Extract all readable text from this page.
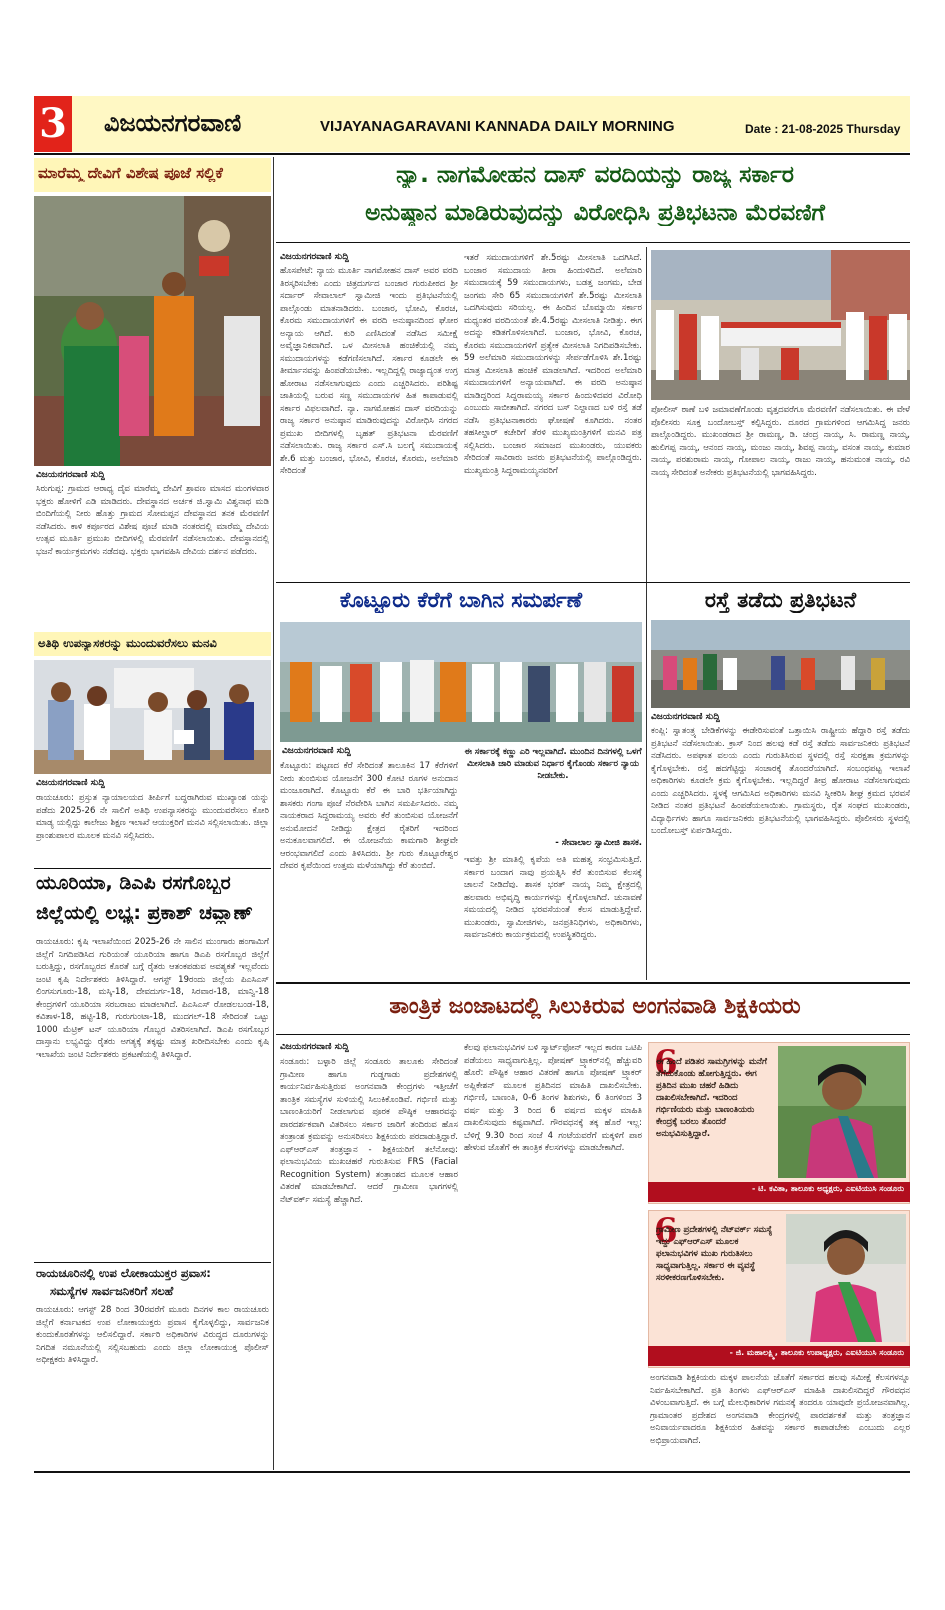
3 ವಿಜಯನಗರವಾಣಿ	VIJAYANAGARAVANI KANNADA DAILY MORNING	Date : 21-08-2025 Thursday
ಮಾರೆಮ್ಮ ದೇವಿಗೆ ವಿಶೇಷ ಪೂಜೆ ಸಲ್ಲಿಕೆ
ವಿಜಯನಗರವಾಣಿ ಸುದ್ದಿ
ಸಿರುಗುಪ್ಪ: ಗ್ರಾಮದ ಆರಾಧ್ಯ ದೈವ ಮಾರೆಮ್ಮ ದೇವಿಗೆ ಶ್ರಾವಣ ಮಾಸದ ಮಂಗಳವಾರ ಭಕ್ತರು ಹೋಳಿಗೆ ಎಡಿ ಮಾಡಿದರು. ದೇವಸ್ಥಾನದ ಅರ್ಚಕ ಜಿ.ಸ್ವಾಮಿ ವಿಶ್ವನಾಥ ಮಡಿ ಬಿಂದಿಗೆಯಲ್ಲಿ ನೀರು ಹೊತ್ತು ಗ್ರಾಮದ ಸೋಮಪ್ಪನ ದೇವಸ್ಥಾನದ ತನಕ ಮೆರವಣಿಗೆ ನಡೆಸಿದರು. ಕಾಳಿ ಕರ್ಪೂರದ ವಿಶೇಷ ಪೂಜೆ ಮಾಡಿ ನಂತರದಲ್ಲಿ ಮಾರೆಮ್ಮ ದೇವಿಯ ಉತ್ಸವ ಮೂರ್ತಿ ಪ್ರಮುಖ ಬೀದಿಗಳಲ್ಲಿ ಮೆರವಣಿಗೆ ನಡೆಸಲಾಯಿತು. ದೇವಸ್ಥಾನದಲ್ಲಿ ಭಜನೆ ಕಾರ್ಯಕ್ರಮಗಳು ನಡೆದವು. ಭಕ್ತರು ಭಾಗವಹಿಸಿ ದೇವಿಯ ದರ್ಶನ ಪಡೆದರು.
ಅತಿಥಿ ಉಪನ್ಯಾಸಕರನ್ನು ಮುಂದುವರೆಸಲು ಮನವಿ
ವಿಜಯನಗರವಾಣಿ ಸುದ್ದಿ
ರಾಯಚೂರು: ಪ್ರಸ್ತುತ ನ್ಯಾಯಾಲಯದ ತೀರ್ಪಿಗೆ ಬದ್ಧರಾಗಿರುವ ಮುಖ್ಯಾಂಶ ಯನ್ನು ಪಡೆದು 2025-26 ನೇ ಸಾಲಿಗೆ ಅತಿಥಿ ಉಪನ್ಯಾಸಕರನ್ನು ಮುಂದುವರೆಸಲು ಕೋರಿ ಮಾಡ್ಯ ಯಲ್ಲಿದ್ದು ಕಾಲೇಜು ಶಿಕ್ಷಣ ಇಲಾಖೆ ಆಯುಕ್ತರಿಗೆ ಮನವಿ ಸಲ್ಲಿಸಲಾಯಿತು. ಜಿಲ್ಲಾ ಪ್ರಾಂಶುಪಾಲರ ಮೂಲಕ ಮನವಿ ಸಲ್ಲಿಸಿದರು.
ಯೂರಿಯಾ, ಡಿಎಪಿ ರಸಗೊಬ್ಬರ
ಜಿಲ್ಲೆಯಲ್ಲಿ ಲಭ್ಯ: ಪ್ರಕಾಶ್ ಚವ್ಹಾಣ್
ರಾಯಚೂರು: ಕೃಷಿ ಇಲಾಖೆಯಿಂದ 2025-26 ನೇ ಸಾಲಿನ ಮುಂಗಾರು ಹಂಗಾಮಿಗೆ ಜಿಲ್ಲೆಗೆ ನಿಗದಿಪಡಿಸಿದ ಗುರಿಯಂತೆ ಯೂರಿಯಾ ಹಾಗೂ ಡಿಎಪಿ ರಸಗೊಬ್ಬರ ಜಿಲ್ಲೆಗೆ ಬರುತ್ತಿದ್ದು, ರಸಗೊಬ್ಬರದ ಕೊರತೆ ಬಗ್ಗೆ ರೈತರು ಆತಂಕಪಡುವ ಅವಶ್ಯಕತೆ ಇಲ್ಲವೆಂದು ಜಂಟಿ ಕೃಷಿ ನಿರ್ದೇಶಕರು ತಿಳಿಸಿದ್ದಾರೆ. ಆಗಸ್ಟ್ 19ರಂದು ಜಿಲ್ಲೆಯ ಪಿಎಸಿಎಸ್ ಲಿಂಗಸುಗೂರು-18, ಮಸ್ಕಿ-18, ದೇವದುರ್ಗ-18, ಸಿರವಾರ-18, ಮಾನ್ವಿ-18 ಕೇಂದ್ರಗಳಿಗೆ ಯೂರಿಯಾ ಸರಬರಾಜು ಮಾಡಲಾಗಿದೆ. ಪಿಎಸಿಎಸ್ ರೋಡಲಬಂಡ-18, ಕವಿತಾಳ-18, ಹಟ್ಟಿ-18, ಗುರುಗುಂಟಾ-18, ಮುದಗಲ್-18 ಸೇರಿದಂತೆ ಒಟ್ಟು 1000 ಮೆಟ್ರಿಕ್ ಟನ್ ಯೂರಿಯಾ ಗೊಬ್ಬರ ವಿತರಿಸಲಾಗಿದೆ. ಡಿಎಪಿ ರಸಗೊಬ್ಬರ ದಾಸ್ತಾನು ಲಭ್ಯವಿದ್ದು ರೈತರು ಅಗತ್ಯಕ್ಕೆ ತಕ್ಕಷ್ಟು ಮಾತ್ರ ಖರೀದಿಸಬೇಕು ಎಂದು ಕೃಷಿ ಇಲಾಖೆಯ ಜಂಟಿ ನಿರ್ದೇಶಕರು ಪ್ರಕಟಣೆಯಲ್ಲಿ ತಿಳಿಸಿದ್ದಾರೆ.
ರಾಯಚೂರಿನಲ್ಲಿ ಉಪ ಲೋಕಾಯುಕ್ತರ ಪ್ರವಾಸ:
ಸಮಸ್ಯೆಗಳ ಸಾರ್ವಜನಿಕರಿಗೆ ಸಲಹೆ
ರಾಯಚೂರು: ಆಗಸ್ಟ್ 28 ರಿಂದ 30ರವರೆಗೆ ಮೂರು ದಿನಗಳ ಕಾಲ ರಾಯಚೂರು ಜಿಲ್ಲೆಗೆ ಕರ್ನಾಟಕದ ಉಪ ಲೋಕಾಯುಕ್ತರು ಪ್ರವಾಸ ಕೈಗೊಳ್ಳಲಿದ್ದು, ಸಾರ್ವಜನಿಕ ಕುಂದುಕೊರತೆಗಳನ್ನು ಆಲಿಸಲಿದ್ದಾರೆ. ಸರ್ಕಾರಿ ಅಧಿಕಾರಿಗಳ ವಿರುದ್ಧದ ದೂರುಗಳನ್ನು ನಿಗದಿತ ನಮೂನೆಯಲ್ಲಿ ಸಲ್ಲಿಸಬಹುದು ಎಂದು ಜಿಲ್ಲಾ ಲೋಕಾಯುಕ್ತ ಪೊಲೀಸ್ ಅಧೀಕ್ಷಕರು ತಿಳಿಸಿದ್ದಾರೆ.
ನ್ಯಾ. ನಾಗಮೋಹನ ದಾಸ್ ವರದಿಯನ್ನು ರಾಜ್ಯ ಸರ್ಕಾರ
ಅನುಷ್ಠಾನ ಮಾಡಿರುವುದನ್ನು ವಿರೋಧಿಸಿ ಪ್ರತಿಭಟನಾ ಮೆರವಣಿಗೆ
ವಿಜಯನಗರವಾಣಿ ಸುದ್ದಿ
ಹೊಸಪೇಟೆ: ನ್ಯಾಯ ಮೂರ್ತಿ ನಾಗಮೋಹನ ದಾಸ್ ಅವರ ವರದಿ ತಿರಸ್ಕರಿಸಬೇಕು ಎಂದು ಚಿತ್ರದುರ್ಗದ ಬಂಜಾರ ಗುರುಪೀಠದ ಶ್ರೀ ಸರ್ದಾರ್ ಸೇವಾಲಾಲ್ ಸ್ವಾಮೀಜಿ ಇಂದು ಪ್ರತಿಭಟನೆಯಲ್ಲಿ ಪಾಲ್ಗೊಂಡು ಮಾತನಾಡಿದರು. ಬಂಜಾರ, ಭೋವಿ, ಕೊರಚ, ಕೊರಮ ಸಮುದಾಯಗಳಿಗೆ ಈ ವರದಿ ಅನುಷ್ಠಾನದಿಂದ ಘೋರ ಅನ್ಯಾಯ ಆಗಿದೆ. ಕುರಿ ಎಣಿಸಿದಂತೆ ನಡೆಸಿದ ಸಮೀಕ್ಷೆ ಅವೈಜ್ಞಾನಿಕವಾಗಿದೆ. ಒಳ ಮೀಸಲಾತಿ ಹಂಚಿಕೆಯಲ್ಲಿ ನಮ್ಮ ಸಮುದಾಯಗಳನ್ನು ಕಡೆಗಣಿಸಲಾಗಿದೆ. ಸರ್ಕಾರ ಕೂಡಲೇ ಈ ತೀರ್ಮಾನವನ್ನು ಹಿಂಪಡೆಯಬೇಕು. ಇಲ್ಲದಿದ್ದಲ್ಲಿ ರಾಜ್ಯಾದ್ಯಂತ ಉಗ್ರ ಹೋರಾಟ ನಡೆಸಲಾಗುವುದು ಎಂದು ಎಚ್ಚರಿಸಿದರು. ಪರಿಶಿಷ್ಟ ಜಾತಿಯಲ್ಲಿ ಬರುವ ಸಣ್ಣ ಸಮುದಾಯಗಳ ಹಿತ ಕಾಪಾಡುವಲ್ಲಿ ಸರ್ಕಾರ ವಿಫಲವಾಗಿದೆ. ನ್ಯಾ. ನಾಗಮೋಹನ ದಾಸ್ ವರದಿಯನ್ನು ರಾಜ್ಯ ಸರ್ಕಾರ ಅನುಷ್ಠಾನ ಮಾಡಿರುವುದನ್ನು ವಿರೋಧಿಸಿ ನಗರದ ಪ್ರಮುಖ ಬೀದಿಗಳಲ್ಲಿ ಬೃಹತ್ ಪ್ರತಿಭಟನಾ ಮೆರವಣಿಗೆ ನಡೆಸಲಾಯಿತು. ರಾಜ್ಯ ಸರ್ಕಾರ ಎಸ್.ಸಿ ಬಲಗೈ ಸಮುದಾಯಕ್ಕೆ ಶೇ.6 ಮತ್ತು ಬಂಜಾರ, ಭೋವಿ, ಕೊರಚ, ಕೊರಮ, ಅಲೆಮಾರಿ ಸೇರಿದಂತೆ
ಇತರೆ ಸಮುದಾಯಗಳಿಗೆ ಶೇ.5ರಷ್ಟು ಮೀಸಲಾತಿ ಒದಗಿಸಿದೆ. ಬಂಜಾರ ಸಮುದಾಯ ತೀರಾ ಹಿಂದುಳಿದಿದೆ. ಅಲೆಮಾರಿ ಸಮುದಾಯಕ್ಕೆ 59 ಸಮುದಾಯಗಳು, ಬಡತ್ತ ಜಂಗಮ, ಬೇಡ ಜಂಗಮ ಸೇರಿ 65 ಸಮುದಾಯಗಳಿಗೆ ಶೇ.5ರಷ್ಟು ಮೀಸಲಾತಿ ಒದಗಿಸುವುದು ಸರಿಯಲ್ಲ. ಈ ಹಿಂದಿನ ಬೊಮ್ಮಾಯಿ ಸರ್ಕಾರ ಮಧ್ಯಂತರ ವರದಿಯಂತೆ ಶೇ.4.5ರಷ್ಟು ಮೀಸಲಾತಿ ನೀಡಿತ್ತು. ಈಗ ಅದನ್ನು ಕಡಿತಗೊಳಿಸಲಾಗಿದೆ. ಬಂಜಾರ, ಭೋವಿ, ಕೊರಚ, ಕೊರಮ ಸಮುದಾಯಗಳಿಗೆ ಪ್ರತ್ಯೇಕ ಮೀಸಲಾತಿ ನಿಗದಿಪಡಿಸಬೇಕು. 59 ಅಲೆಮಾರಿ ಸಮುದಾಯಗಳನ್ನು ಸೇರ್ಪಡೆಗೊಳಿಸಿ ಶೇ.1ರಷ್ಟು ಮಾತ್ರ ಮೀಸಲಾತಿ ಹಂಚಿಕೆ ಮಾಡಲಾಗಿದೆ. ಇದರಿಂದ ಅಲೆಮಾರಿ ಸಮುದಾಯಗಳಿಗೆ ಅನ್ಯಾಯವಾಗಿದೆ. ಈ ವರದಿ ಅನುಷ್ಠಾನ ಮಾಡಿದ್ದರಿಂದ ಸಿದ್ದರಾಮಯ್ಯ ಸರ್ಕಾರ ಹಿಂದುಳಿದವರ ವಿರೋಧಿ ಎಂಬುದು ಸಾಬೀತಾಗಿದೆ. ನಗರದ ಬಸ್ ನಿಲ್ದಾಣದ ಬಳಿ ರಸ್ತೆ ತಡೆ ನಡೆಸಿ ಪ್ರತಿಭಟನಾಕಾರರು ಘೋಷಣೆ ಕೂಗಿದರು. ನಂತರ ತಹಸೀಲ್ದಾರ್ ಕಚೇರಿಗೆ ತೆರಳಿ ಮುಖ್ಯಮಂತ್ರಿಗಳಿಗೆ ಮನವಿ ಪತ್ರ ಸಲ್ಲಿಸಿದರು. ಬಂಜಾರ ಸಮಾಜದ ಮುಖಂಡರು, ಯುವಕರು ಸೇರಿದಂತೆ ಸಾವಿರಾರು ಜನರು ಪ್ರತಿಭಟನೆಯಲ್ಲಿ ಪಾಲ್ಗೊಂಡಿದ್ದರು. ಮುಖ್ಯಮಂತ್ರಿ ಸಿದ್ದರಾಮಯ್ಯನವರಿಗೆ
ಪೋಲೀಸ್ ಠಾಣೆ ಬಳಿ ಜಮಾವಣೆಗೊಂಡು ವೃತ್ತದವರೆಗೂ ಮೆರವಣಿಗೆ ನಡೆಸಲಾಯಿತು. ಈ ವೇಳೆ ಪೊಲೀಸರು ಸೂಕ್ತ ಬಂದೋಬಸ್ತ್ ಕಲ್ಪಿಸಿದ್ದರು. ದೂರದ ಗ್ರಾಮಗಳಿಂದ ಆಗಮಿಸಿದ್ದ ಜನರು ಪಾಲ್ಗೊಂಡಿದ್ದರು. ಮುಖಂಡರಾದ ಶ್ರೀ ರಾಮಣ್ಣ, ಡಿ. ಚಂದ್ರ ನಾಯ್ಕ, ಸಿ. ರಾಮಣ್ಣ ನಾಯ್ಕ, ಹುಲಿಗಪ್ಪ ನಾಯ್ಕ, ಆನಂದ ನಾಯ್ಕ, ಮಂಜು ನಾಯ್ಕ, ಶಿವಪ್ಪ ನಾಯ್ಕ, ವಸಂತ ನಾಯ್ಕ, ಕುಮಾರ ನಾಯ್ಕ, ಪರಶುರಾಮ ನಾಯ್ಕ, ಗೋಪಾಲ ನಾಯ್ಕ, ರಾಜು ನಾಯ್ಕ, ಹನುಮಂತ ನಾಯ್ಕ, ರವಿ ನಾಯ್ಕ ಸೇರಿದಂತೆ ಅನೇಕರು ಪ್ರತಿಭಟನೆಯಲ್ಲಿ ಭಾಗವಹಿಸಿದ್ದರು.
ಕೊಟ್ಟೂರು ಕೆರೆಗೆ ಬಾಗಿನ ಸಮರ್ಪಣೆ
ವಿಜಯನಗರವಾಣಿ ಸುದ್ದಿ
ಕೊಟ್ಟೂರು: ಪಟ್ಟಣದ ಕೆರೆ ಸೇರಿದಂತೆ ತಾಲೂಕಿನ 17 ಕೆರೆಗಳಿಗೆ ನೀರು ತುಂಬಿಸುವ ಯೋಜನೆಗೆ 300 ಕೋಟಿ ರೂಗಳ ಅನುದಾನ ಮಂಜೂರಾಗಿದೆ. ಕೊಟ್ಟೂರು ಕೆರೆ ಈ ಬಾರಿ ಭರ್ತಿಯಾಗಿದ್ದು ಶಾಸಕರು ಗಂಗಾ ಪೂಜೆ ನೆರವೇರಿಸಿ ಬಾಗಿನ ಸಮರ್ಪಿಸಿದರು. ನಮ್ಮ ನಾಯಕರಾದ ಸಿದ್ದರಾಮಯ್ಯ ಅವರು ಕೆರೆ ತುಂಬಿಸುವ ಯೋಜನೆಗೆ ಅನುಮೋದನೆ ನೀಡಿದ್ದು ಕ್ಷೇತ್ರದ ರೈತರಿಗೆ ಇದರಿಂದ ಅನುಕೂಲವಾಗಲಿದೆ. ಈ ಯೋಜನೆಯ ಕಾಮಗಾರಿ ಶೀಘ್ರವೇ ಆರಂಭವಾಗಲಿದೆ ಎಂದು ತಿಳಿಸಿದರು. ಶ್ರೀ ಗುರು ಕೊಟ್ಟೂರೇಶ್ವರ ದೇವರ ಕೃಪೆಯಿಂದ ಉತ್ತಮ ಮಳೆಯಾಗಿದ್ದು ಕೆರೆ ತುಂಬಿದೆ.
ಈ ಸರ್ಕಾರಕ್ಕೆ ಕಣ್ಣು ಎರಿ ಇಲ್ಲವಾಗಿದೆ. ಮುಂದಿನ ದಿನಗಳಲ್ಲಿ ಒಳಗೆ ಮೀಸಲಾತಿ ಜಾರಿ ಮಾಡುವ ನಿರ್ಧಾರ ಕೈಗೊಂಡು ಸರ್ಕಾರ ನ್ಯಾಯ ನೀಡಬೇಕು.
- ಸೇವಾಲಾಲ ಸ್ವಾಮೀಜಿ ಶಾಸಕ.
ಇವತ್ತು ಶ್ರೀ ಮಾತಿಲ್ಲಿ ಕೃಪೆಯ ಅತಿ ಮಹತ್ವ ಸಂಭ್ರಮಿಸುತ್ತಿದೆ. ಸರ್ಕಾರ ಬಂದಾಗ ನಾವು ಪ್ರಯತ್ನಿಸಿ ಕೆರೆ ತುಂಬಿಸುವ ಕೆಲಸಕ್ಕೆ ಚಾಲನೆ ನೀಡಿದೆವು. ಶಾಸಕ ಭರತ್ ನಾಯ್ಕ ನಿಮ್ಮ ಕ್ಷೇತ್ರದಲ್ಲಿ ಹಲವಾರು ಅಭಿವೃದ್ಧಿ ಕಾರ್ಯಗಳನ್ನು ಕೈಗೊಳ್ಳಲಾಗಿದೆ. ಚುನಾವಣೆ ಸಮಯದಲ್ಲಿ ನೀಡಿದ ಭರವಸೆಯಂತೆ ಕೆಲಸ ಮಾಡುತ್ತಿದ್ದೇವೆ. ಮುಖಂಡರು, ಸ್ವಾಮೀಜಿಗಳು, ಜನಪ್ರತಿನಿಧಿಗಳು, ಅಧಿಕಾರಿಗಳು, ಸಾರ್ವಜನಿಕರು ಕಾರ್ಯಕ್ರಮದಲ್ಲಿ ಉಪಸ್ಥಿತರಿದ್ದರು.
ರಸ್ತೆ ತಡೆದು ಪ್ರತಿಭಟನೆ
ವಿಜಯನಗರವಾಣಿ ಸುದ್ದಿ
ಕಂಪ್ಲಿ: ಸ್ವಾತಂತ್ರ್ಯ ಬೇಡಿಕೆಗಳನ್ನು ಈಡೇರಿಸುವಂತೆ ಒತ್ತಾಯಿಸಿ ರಾಷ್ಟ್ರೀಯ ಹೆದ್ದಾರಿ ರಸ್ತೆ ತಡೆದು ಪ್ರತಿಭಟನೆ ನಡೆಸಲಾಯಿತು. ಕ್ರಾಸ್ ನಿಂದ ಹಲವು ಕಡೆ ರಸ್ತೆ ತಡೆದು ಸಾರ್ವಜನಿಕರು ಪ್ರತಿಭಟನೆ ನಡೆಸಿದರು. ಅಪಘಾತ ವಲಯ ಎಂದು ಗುರುತಿಸಿರುವ ಸ್ಥಳದಲ್ಲಿ ರಸ್ತೆ ಸುರಕ್ಷತಾ ಕ್ರಮಗಳನ್ನು ಕೈಗೊಳ್ಳಬೇಕು. ರಸ್ತೆ ಹದಗೆಟ್ಟಿದ್ದು ಸಂಚಾರಕ್ಕೆ ತೊಂದರೆಯಾಗಿದೆ. ಸಂಬಂಧಪಟ್ಟ ಇಲಾಖೆ ಅಧಿಕಾರಿಗಳು ಕೂಡಲೇ ಕ್ರಮ ಕೈಗೊಳ್ಳಬೇಕು. ಇಲ್ಲದಿದ್ದರೆ ತೀವ್ರ ಹೋರಾಟ ನಡೆಸಲಾಗುವುದು ಎಂದು ಎಚ್ಚರಿಸಿದರು. ಸ್ಥಳಕ್ಕೆ ಆಗಮಿಸಿದ ಅಧಿಕಾರಿಗಳು ಮನವಿ ಸ್ವೀಕರಿಸಿ ಶೀಘ್ರ ಕ್ರಮದ ಭರವಸೆ ನೀಡಿದ ನಂತರ ಪ್ರತಿಭಟನೆ ಹಿಂಪಡೆಯಲಾಯಿತು. ಗ್ರಾಮಸ್ಥರು, ರೈತ ಸಂಘದ ಮುಖಂಡರು, ವಿದ್ಯಾರ್ಥಿಗಳು ಹಾಗೂ ಸಾರ್ವಜನಿಕರು ಪ್ರತಿಭಟನೆಯಲ್ಲಿ ಭಾಗವಹಿಸಿದ್ದರು. ಪೊಲೀಸರು ಸ್ಥಳದಲ್ಲಿ ಬಂದೋಬಸ್ತ್ ಏರ್ಪಡಿಸಿದ್ದರು.
ತಾಂತ್ರಿಕ ಜಂಜಾಟದಲ್ಲಿ ಸಿಲುಕಿರುವ ಅಂಗನವಾಡಿ ಶಿಕ್ಷಕಿಯರು
ವಿಜಯನಗರವಾಣಿ ಸುದ್ದಿ
ಸಂಡೂರು: ಬಳ್ಳಾರಿ ಜಿಲ್ಲೆ ಸಂಡೂರು ತಾಲೂಕು ಸೇರಿದಂತೆ ಗ್ರಾಮೀಣ ಹಾಗೂ ಗುಡ್ಡಗಾಡು ಪ್ರದೇಶಗಳಲ್ಲಿ ಕಾರ್ಯನಿರ್ವಹಿಸುತ್ತಿರುವ ಅಂಗನವಾಡಿ ಕೇಂದ್ರಗಳು ಇತ್ತೀಚೆಗೆ ತಾಂತ್ರಿಕ ಸಮಸ್ಯೆಗಳ ಸುಳಿಯಲ್ಲಿ ಸಿಲುಕಿಕೊಂಡಿವೆ. ಗರ್ಭಿಣಿ ಮತ್ತು ಬಾಣಂತಿಯರಿಗೆ ನೀಡಲಾಗುವ ಪೂರಕ ಪೌಷ್ಠಿಕ ಆಹಾರವನ್ನು ಪಾರದರ್ಶಕವಾಗಿ ವಿತರಿಸಲು ಸರ್ಕಾರ ಜಾರಿಗೆ ತಂದಿರುವ ಹೊಸ ತಂತ್ರಾಂಶ ಕ್ರಮವನ್ನು ಅನುಸರಿಸಲು ಶಿಕ್ಷಕಿಯರು ಪರದಾಡುತ್ತಿದ್ದಾರೆ. ಎಫ್‌ಆರ್‌ಎಸ್ ತಂತ್ರಜ್ಞಾನ - ಶಿಕ್ಷಕಿಯರಿಗೆ ತಲೆನೋವು: ಫಲಾನುಭವಿಯ ಮುಖಚಹರೆ ಗುರುತಿಸುವ FRS (Facial Recognition System) ತಂತ್ರಾಂಶದ ಮೂಲಕ ಆಹಾರ ವಿತರಣೆ ಮಾಡಬೇಕಾಗಿದೆ. ಆದರೆ ಗ್ರಾಮೀಣ ಭಾಗಗಳಲ್ಲಿ ನೆಟ್‌ವರ್ಕ್ ಸಮಸ್ಯೆ ಹೆಚ್ಚಾಗಿದೆ.
ಕೆಲವು ಫಲಾನುಭವಿಗಳ ಬಳಿ ಸ್ಮಾರ್ಟ್‌ಫೋನ್ ಇಲ್ಲದ ಕಾರಣ ಒಟಿಪಿ ಪಡೆಯಲು ಸಾಧ್ಯವಾಗುತ್ತಿಲ್ಲ. ಪೋಷಣ್ ಟ್ರ್ಯಾಕರ್‌ನಲ್ಲಿ ಹೆಚ್ಚುವರಿ ಹೊರೆ: ಪೌಷ್ಟಿಕ ಆಹಾರ ವಿತರಣೆ ಹಾಗೂ ಪೋಷಣ್ ಟ್ರ್ಯಾಕರ್ ಅಪ್ಲಿಕೇಶನ್ ಮೂಲಕ ಪ್ರತಿದಿನದ ಮಾಹಿತಿ ದಾಖಲಿಸಬೇಕು. ಗರ್ಭಿಣಿ, ಬಾಣಂತಿ, 0-6 ತಿಂಗಳ ಶಿಶುಗಳು, 6 ತಿಂಗಳಿಂದ 3 ವರ್ಷ ಮತ್ತು 3 ರಿಂದ 6 ವರ್ಷದ ಮಕ್ಕಳ ಮಾಹಿತಿ ದಾಖಲಿಸುವುದು ಕಷ್ಟವಾಗಿದೆ. ಗೌರವಧನಕ್ಕೆ ತಕ್ಕ ಹೊರೆ ಇಲ್ಲ: ಬೆಳಿಗ್ಗೆ 9.30 ರಿಂದ ಸಂಜೆ 4 ಗಂಟೆಯವರೆಗೆ ಮಕ್ಕಳಿಗೆ ಪಾಠ ಹೇಳುವ ಜೊತೆಗೆ ಈ ತಾಂತ್ರಿಕ ಕೆಲಸಗಳನ್ನು ಮಾಡಬೇಕಾಗಿದೆ.
6
ಈ ಹಿಂದೆ ಪಡಿತರ ಸಾಮಗ್ರಿಗಳನ್ನು ಮನೆಗೆ ತೆಗೆದುಕೊಂಡು ಹೋಗುತ್ತಿದ್ದರು. ಈಗ ಪ್ರತಿದಿನ ಮುಖ ಚಹರೆ ಹಿಡಿದು ದಾಖಲಿಸಬೇಕಾಗಿದೆ. ಇದರಿಂದ ಗರ್ಭಿಣಿಯರು ಮತ್ತು ಬಾಣಂತಿಯರು ಕೇಂದ್ರಕ್ಕೆ ಬರಲು ತೊಂದರೆ ಅನುಭವಿಸುತ್ತಿದ್ದಾರೆ.
- ಟಿ. ಕವಿತಾ, ತಾಲೂಕು ಅಧ್ಯಕ್ಷರು, ಎಐಟಿಯುಸಿ ಸಂಡೂರು
6
ಗ್ರಾಮೀಣ ಪ್ರದೇಶಗಳಲ್ಲಿ ನೆಟ್‌ವರ್ಕ್ ಸಮಸ್ಯೆ ಇದ್ದು ಎಫ್‌ಆರ್‌ಎಸ್ ಮೂಲಕ ಫಲಾನುಭವಿಗಳ ಮುಖ ಗುರುತಿಸಲು ಸಾಧ್ಯವಾಗುತ್ತಿಲ್ಲ. ಸರ್ಕಾರ ಈ ವ್ಯವಸ್ಥೆ ಸರಳೀಕರಣಗೊಳಿಸಬೇಕು.
- ಜಿ. ಮಹಾಲಕ್ಷ್ಮಿ, ತಾಲೂಕು ಉಪಾಧ್ಯಕ್ಷರು, ಎಐಟಿಯುಸಿ ಸಂಡೂರು
ಅಂಗನವಾಡಿ ಶಿಕ್ಷಕಿಯರು ಮಕ್ಕಳ ಪಾಲನೆಯ ಜೊತೆಗೆ ಸರ್ಕಾರದ ಹಲವು ಸಮೀಕ್ಷೆ ಕೆಲಸಗಳನ್ನೂ ನಿರ್ವಹಿಸಬೇಕಾಗಿದೆ. ಪ್ರತಿ ತಿಂಗಳು ಎಫ್‌ಆರ್‌ಎಸ್ ಮಾಹಿತಿ ದಾಖಲಿಸದಿದ್ದರೆ ಗೌರವಧನ ವಿಳಂಬವಾಗುತ್ತಿದೆ. ಈ ಬಗ್ಗೆ ಮೇಲಧಿಕಾರಿಗಳ ಗಮನಕ್ಕೆ ತಂದರೂ ಯಾವುದೇ ಪ್ರಯೋಜನವಾಗಿಲ್ಲ. ಗ್ರಾಮಾಂತರ ಪ್ರದೇಶದ ಅಂಗನವಾಡಿ ಕೇಂದ್ರಗಳಲ್ಲಿ ಪಾರದರ್ಶಕತೆ ಮತ್ತು ತಂತ್ರಜ್ಞಾನ ಅನಿವಾರ್ಯವಾದರೂ ಶಿಕ್ಷಕಿಯರ ಹಿತವನ್ನು ಸರ್ಕಾರ ಕಾಪಾಡಬೇಕು ಎಂಬುದು ಎಲ್ಲರ ಅಭಿಪ್ರಾಯವಾಗಿದೆ.
